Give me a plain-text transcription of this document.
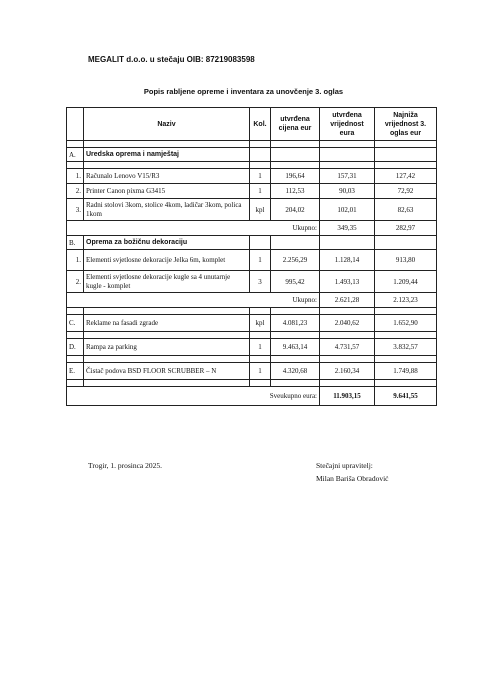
MEGALIT d.o.o. u stečaju OIB: 87219083598
Popis rabljene opreme i inventara za unovčenje 3. oglas
	Naziv	Kol.	utvrđena cijena eur	utvrđena vrijednost eura	Najniža vrijednost 3. oglas eur

A.	Uredska oprema i namještaj				

1.	Računalo Lenovo V15/R3	1	196,64	157,31	127,42
2.	Printer Canon pixma G3415	1	112,53	90,03	72,92
3.	Radni stolovi 3kom, stolice 4kom, ladičar 3kom, polica 1kom	kpl	204,02	102,01	82,63
Ukupno:				349,35	282,97
B.	Oprema za božičnu dekoraciju				
1.	Elementi svjetlosne dekoracije Jelka 6m, komplet	1	2.256,29	1.128,14	913,80
2.	Elementi svjetlosne dekoracije kugle sa 4 unutarnje kugle - komplet	3	995,42	1.493,13	1.209,44
Ukupno:				2.621,28	2.123,23

C.	Reklame na fasadi zgrade	kpl	4.081,23	2.040,62	1.652,90

D.	Rampa za parking	1	9.463,14	4.731,57	3.832,57

E.	Čistač podova BSD FLOOR SCRUBBER – N	1	4.320,68	2.160,34	1.749,88

Sveukupno eura:				11.903,15	9.641,55
Trogir, 1. prosinca 2025.	Stečajni upravitelj:
Milan Bariša Obradović
